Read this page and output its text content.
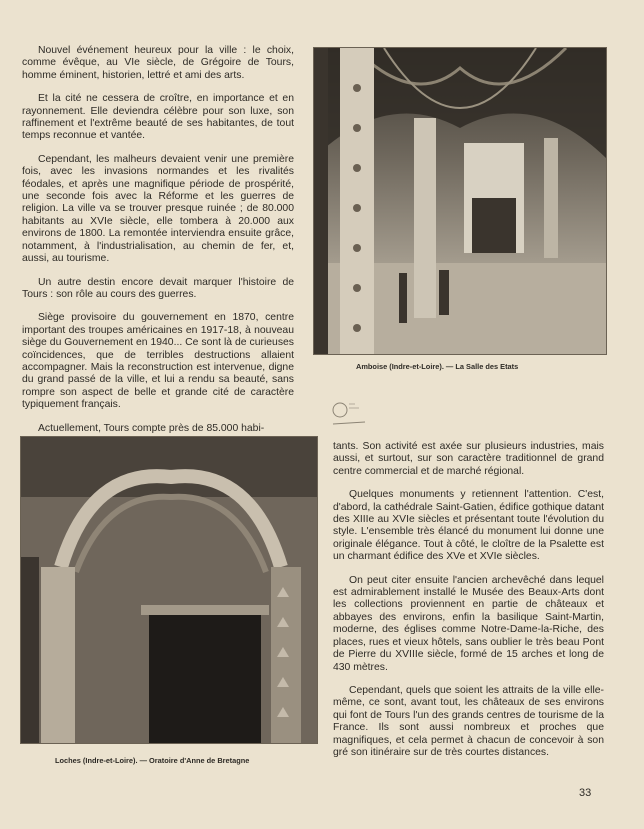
Nouvel événement heureux pour la ville : le choix, comme évêque, au VIe siècle, de Grégoire de Tours, homme éminent, historien, lettré et ami des arts.

Et la cité ne cessera de croître, en importance et en rayonnement. Elle deviendra célèbre pour son luxe, son raffinement et l'extrême beauté de ses habitantes, de tout temps reconnue et vantée.

Cependant, les malheurs devaient venir une première fois, avec les invasions normandes et les rivalités féodales, et après une magnifique période de prospérité, une seconde fois avec la Réforme et les guerres de religion. La ville va se trouver presque ruinée ; de 80.000 habitants au XVIe siècle, elle tombera à 20.000 aux environs de 1800. La remontée interviendra ensuite grâce, notamment, à l'industrialisation, au chemin de fer, et, aussi, au tourisme.

Un autre destin encore devait marquer l'histoire de Tours : son rôle au cours des guerres.

Siège provisoire du gouvernement en 1870, centre important des troupes américaines en 1917-18, à nouveau siège du Gouvernement en 1940... Ce sont là de curieuses coïncidences, que de terribles destructions allaient accompagner. Mais la reconstruction est intervenue, digne du grand passé de la ville, et lui a rendu sa beauté, sans rompre son aspect de belle et grande cité de caractère typiquement français.

Actuellement, Tours compte près de 85.000 habi-

Amboise (Indre-et-Loire). — La Salle des Etats
Loches (Indre-et-Loire). — Oratoire d'Anne de Bretagne

tants. Son activité est axée sur plusieurs industries, mais aussi, et surtout, sur son caractère traditionnel de grand centre commercial et de marché régional.

Quelques monuments y retiennent l'attention. C'est, d'abord, la cathédrale Saint-Gatien, édifice gothique datant des XIIIe au XVIe siècles et présentant toute l'évolution du style. L'ensemble très élancé du monument lui donne une originale élégance. Tout à côté, le cloître de la Psalette est un charmant édifice des XVe et XVIe siècles.

On peut citer ensuite l'ancien archevêché dans lequel est admirablement installé le Musée des Beaux-Arts dont les collections proviennent en partie de châteaux et abbayes des environs, enfin la basilique Saint-Martin, moderne, des églises comme Notre-Dame-la-Riche, des places, rues et vieux hôtels, sans oublier le très beau Pont de Pierre du XVIIIe siècle, formé de 15 arches et long de 430 mètres.

Cependant, quels que soient les attraits de la ville elle-même, ce sont, avant tout, les châteaux de ses environs qui font de Tours l'un des grands centres de tourisme de la France. Ils sont aussi nombreux et proches que magnifiques, et cela permet à chacun de concevoir à son gré son itinéraire sur de très courtes distances.

33
